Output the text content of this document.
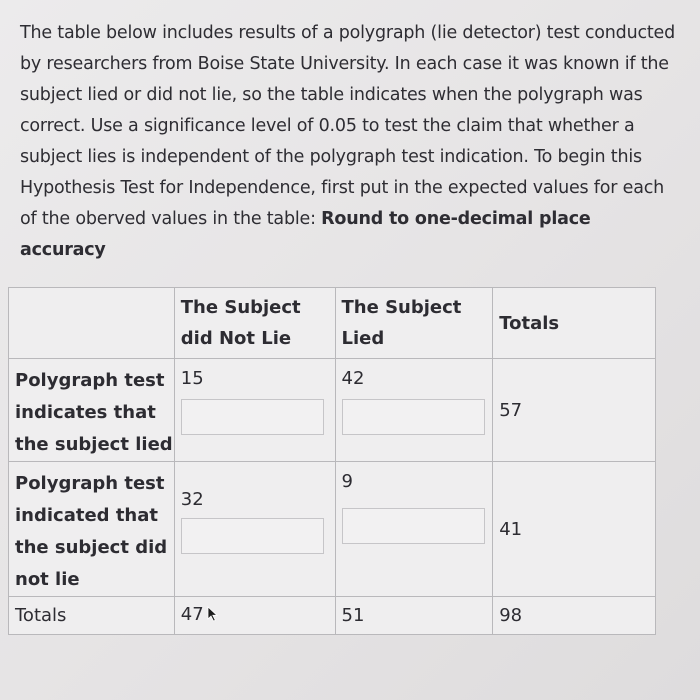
The table below includes results of a polygraph (lie detector) test conducted by researchers from Boise State University. In each case it was known if the subject lied or did not lie, so the table indicates when the polygraph was correct. Use a significance level of 0.05 to test the claim that whether a subject lies is independent of the polygraph test indication. To begin this Hypothesis Test for Independence, first put in the expected values for each of the oberved values in the table: Round to one-decimal place accuracy
	The Subject did Not Lie	The Subject Lied	Totals
Polygraph test indicates that the subject lied	15	42	57
Polygraph test indicated that the subject did not lie	32	9	41
Totals	47	51	98
